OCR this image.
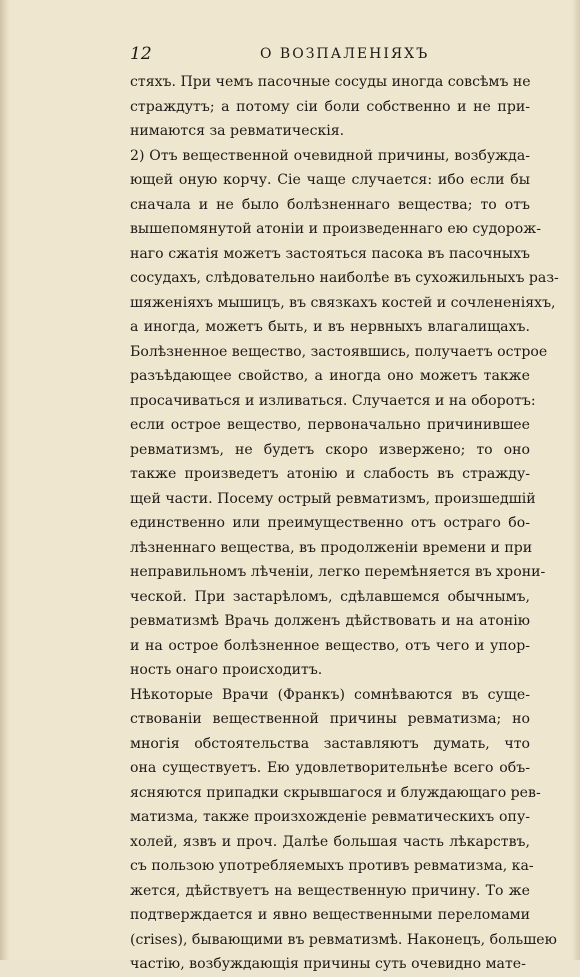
12	О ВОЗПАЛЕНІЯХЪ
стяхъ. При чемъ пасочные сосуды иногда совсѣмъ не
страждутъ; а потому сіи боли собственно и не при-
нимаются за ревматическія.
2) Отъ вещественной очевидной причины, возбужда-
ющей оную корчу. Сіе чаще случается: ибо если бы
сначала и не было болѣзненнаго вещества; то отъ
вышепомянутой атоніи и произведеннаго ею судорож-
наго сжатія можетъ застояться пасока въ пасочныхъ
сосудахъ, слѣдовательно наиболѣе въ сухожильныхъ раз-
шяженіяхъ мышицъ, въ связкахъ костей и сочлененіяхъ,
а иногда, можетъ быть, и въ нервныхъ влагалищахъ.
Болѣзненное вещество, застоявшись, получаетъ острое
разъѣдающее свойство, а иногда оно можетъ также
просачиваться и изливаться. Случается и на оборотъ:
если острое вещество, первоначально причинившее
ревматизмъ, не будетъ скоро извержено; то оно
также произведетъ атонію и слабость въ стражду-
щей части. Посему острый ревматизмъ, произшедшій
единственно или преимущественно отъ остраго бо-
лѣзненнаго вещества, въ продолженіи времени и при
неправильномъ лѣченіи, легко перемѣняется въ хрони-
ческой. При застарѣломъ, сдѣлавшемся обычнымъ,
ревматизмѣ Врачь долженъ дѣйствовать и на атонію
и на острое болѣзненное вещество, отъ чего и упор-
ность онаго происходитъ.
Нѣкоторые Врачи (Франкъ) сомнѣваются въ суще-
ствованіи вещественной причины ревматизма; но
многія обстоятельства заставляютъ думать, что
она существуетъ. Ею удовлетворительнѣе всего объ-
ясняются припадки скрывшагося и блуждающаго рев-
матизма, также произхожденіе ревматическихъ опу-
холей, язвъ и проч. Далѣе большая часть лѣкарствъ,
съ пользою употребляемыхъ противъ ревматизма, ка-
жется, дѣйствуетъ на вещественную причину. То же
подтверждается и явно вещественными переломами
(crises), бывающими въ ревматизмѣ. Наконецъ, большею
частію, возбуждающія причины суть очевидно мате-
